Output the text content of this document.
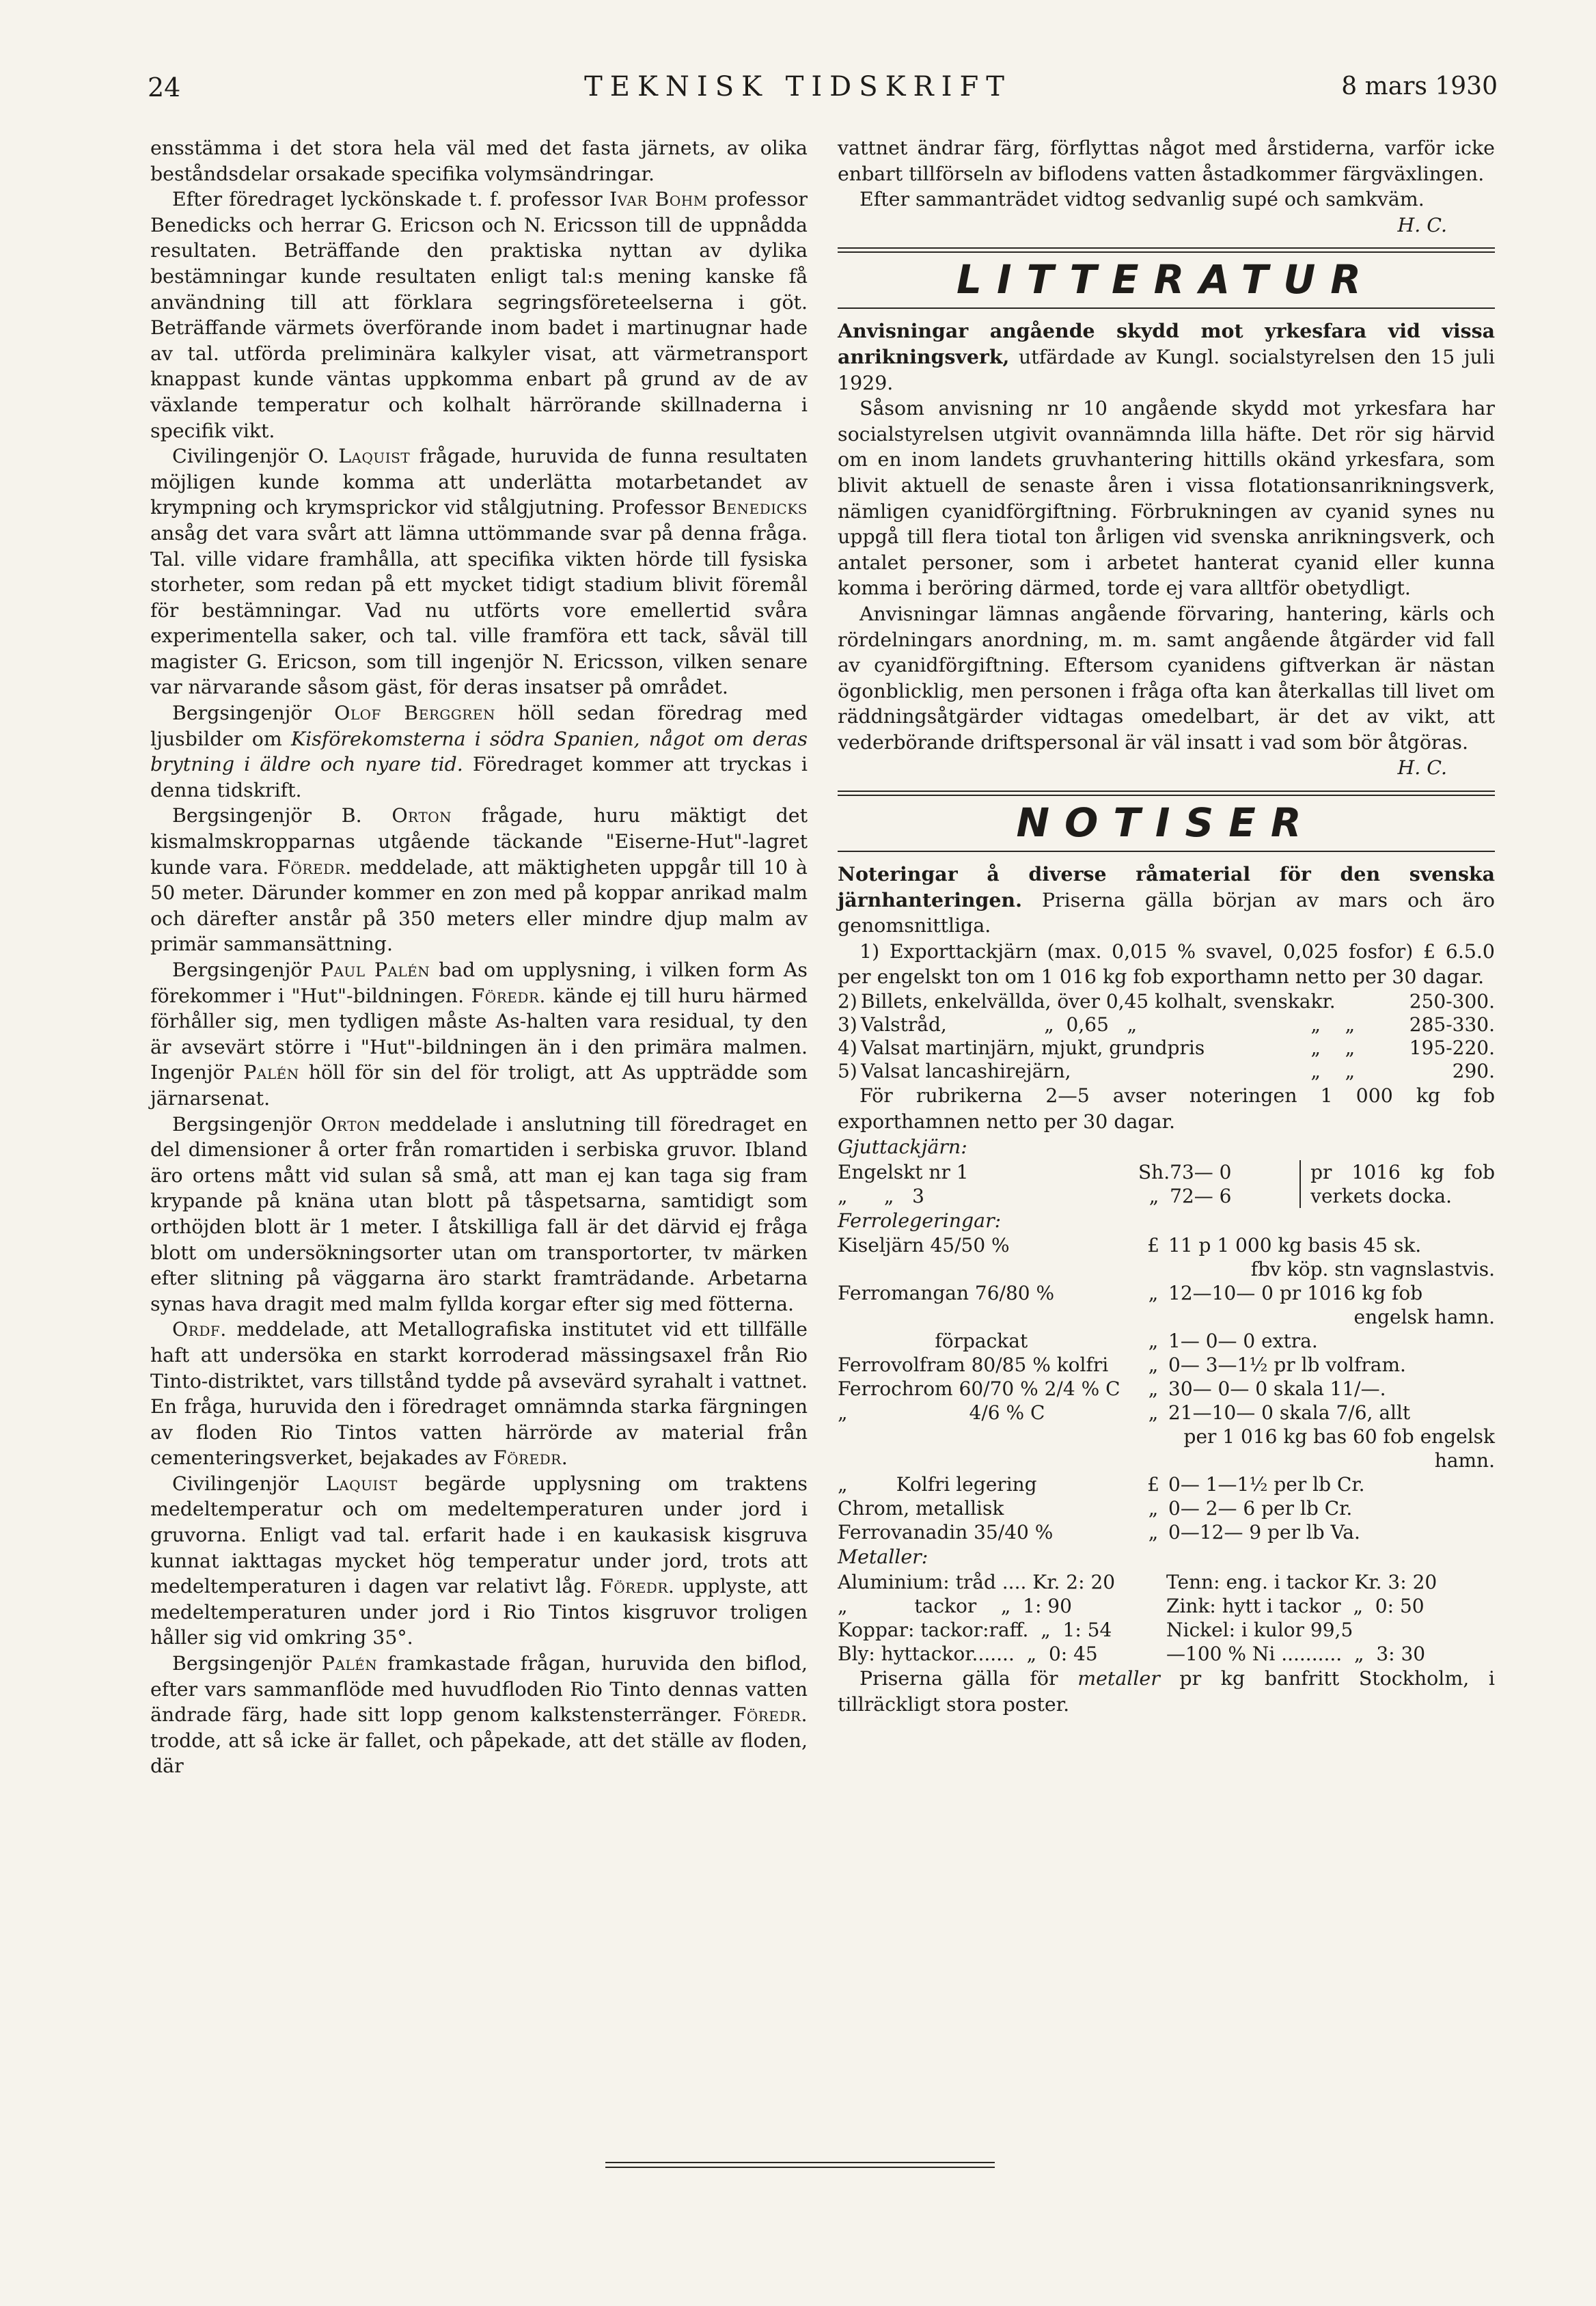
24	TEKNISK TIDSKRIFT	8 mars 1930

ensstämma i det stora hela väl med det fasta järnets, av olika beståndsdelar orsakade specifika volymsändringar.

Efter föredraget lyckönskade t. f. professor Ivar Bohm professor Benedicks och herrar G. Ericson och N. Ericsson till de uppnådda resultaten. Beträffande den praktiska nyttan av dylika bestämningar kunde resultaten enligt tal:s mening kanske få användning till att förklara segringsföreteelserna i göt. Beträffande värmets överförande inom badet i martinugnar hade av tal. utförda preliminära kalkyler visat, att värmetransport knappast kunde väntas uppkomma enbart på grund av de av växlande temperatur och kolhalt härrörande skillnaderna i specifik vikt.

Civilingenjör O. Laquist frågade, huruvida de funna resultaten möjligen kunde komma att underlätta motarbetandet av krympning och krymsprickor vid stålgjutning. Professor Benedicks ansåg det vara svårt att lämna uttömmande svar på denna fråga. Tal. ville vidare framhålla, att specifika vikten hörde till fysiska storheter, som redan på ett mycket tidigt stadium blivit föremål för bestämningar. Vad nu utförts vore emellertid svåra experimentella saker, och tal. ville framföra ett tack, såväl till magister G. Ericson, som till ingenjör N. Ericsson, vilken senare var närvarande såsom gäst, för deras insatser på området.

Bergsingenjör Olof Berggren höll sedan föredrag med ljusbilder om Kisförekomsterna i södra Spanien, något om deras brytning i äldre och nyare tid. Föredraget kommer att tryckas i denna tidskrift.

Bergsingenjör B. Orton frågade, huru mäktigt det kismalmskropparnas utgående täckande "Eiserne-Hut"-lagret kunde vara. Föredr. meddelade, att mäktigheten uppgår till 10 à 50 meter. Därunder kommer en zon med på koppar anrikad malm och därefter anstår på 350 meters eller mindre djup malm av primär sammansättning.

Bergsingenjör Paul Palén bad om upplysning, i vilken form As förekommer i "Hut"-bildningen. Föredr. kände ej till huru härmed förhåller sig, men tydligen måste As-halten vara residual, ty den är avsevärt större i "Hut"-bildningen än i den primära malmen. Ingenjör Palén höll för sin del för troligt, att As uppträdde som järnarsenat.

Bergsingenjör Orton meddelade i anslutning till föredraget en del dimensioner å orter från romartiden i serbiska gruvor. Ibland äro ortens mått vid sulan så små, att man ej kan taga sig fram krypande på knäna utan blott på tåspetsarna, samtidigt som orthöjden blott är 1 meter. I åtskilliga fall är det därvid ej fråga blott om undersökningsorter utan om transportorter, tv märken efter slitning på väggarna äro starkt framträdande. Arbetarna synas hava dragit med malm fyllda korgar efter sig med fötterna.

Ordf. meddelade, att Metallografiska institutet vid ett tillfälle haft att undersöka en starkt korroderad mässingsaxel från Rio Tinto-distriktet, vars tillstånd tydde på avsevärd syrahalt i vattnet. En fråga, huruvida den i föredraget omnämnda starka färgningen av floden Rio Tintos vatten härrörde av material från cementeringsverket, bejakades av Föredr.

Civilingenjör Laquist begärde upplysning om traktens medeltemperatur och om medeltemperaturen under jord i gruvorna. Enligt vad tal. erfarit hade i en kaukasisk kisgruva kunnat iakttagas mycket hög temperatur under jord, trots att medeltemperaturen i dagen var relativt låg. Föredr. upplyste, att medeltemperaturen under jord i Rio Tintos kisgruvor troligen håller sig vid omkring 35°.

Bergsingenjör Palén framkastade frågan, huruvida den biflod, efter vars sammanflöde med huvudfloden Rio Tinto dennas vatten ändrade färg, hade sitt lopp genom kalkstensterränger. Föredr. trodde, att så icke är fallet, och påpekade, att det ställe av floden, där

vattnet ändrar färg, förflyttas något med årstiderna, varför icke enbart tillförseln av biflodens vatten åstadkommer färgväxlingen.

Efter sammanträdet vidtog sedvanlig supé och samkväm.

H. C.

LITTERATUR

Anvisningar angående skydd mot yrkesfara vid vissa anrikningsverk, utfärdade av Kungl. socialstyrelsen den 15 juli 1929.

Såsom anvisning nr 10 angående skydd mot yrkesfara har socialstyrelsen utgivit ovannämnda lilla häfte. Det rör sig härvid om en inom landets gruvhantering hittills okänd yrkesfara, som blivit aktuell de senaste åren i vissa flotationsanrikningsverk, nämligen cyanidförgiftning. Förbrukningen av cyanid synes nu uppgå till flera tiotal ton årligen vid svenska anrikningsverk, och antalet personer, som i arbetet hanterat cyanid eller kunna komma i beröring därmed, torde ej vara alltför obetydligt.

Anvisningar lämnas angående förvaring, hantering, kärls och rördelningars anordning, m. m. samt angående åtgärder vid fall av cyanidförgiftning. Eftersom cyanidens giftverkan är nästan ögonblicklig, men personen i fråga ofta kan återkallas till livet om räddningsåtgärder vidtagas omedelbart, är det av vikt, att vederbörande driftspersonal är väl insatt i vad som bör åtgöras.

H. C.

NOTISER

Noteringar å diverse råmaterial för den svenska järnhanteringen. Priserna gälla början av mars och äro genomsnittliga.

1) Exporttackjärn (max. 0,015 % svavel, 0,025 fosfor) £ 6.5.0 per engelskt ton om 1 016 kg fob exporthamn netto per 30 dagar.

2)	Billets, enkelvällda, över 0,45 kolhalt, svenska	kr.	250-300.
3)	Valstråd,                „  0,65   „	„    „	285-330.
4)	Valsat martinjärn, mjukt, grundpris	„    „	195-220.
5)	Valsat lancashirejärn,	„    „	290.

För rubrikerna 2—5 avser noteringen 1 000 kg fob exporthamnen netto per 30 dagar.

Gjuttackjärn:

Engelskt nr 1	Sh.	73— 0	pr 1016 kg fob verkets docka.
„      „   3	„	72— 6	

Ferrolegeringar:

Kiseljärn 45/50 %	£	11 p 1 000 kg basis 45 sk.
		fbv köp. stn vagnslastvis.
Ferromangan 76/80 %	„	12—10— 0 pr 1016 kg fob
		engelsk hamn.
förpackat	„	1— 0— 0 extra.
Ferrovolfram 80/85 % kolfri	„	0— 3—1½ pr lb volfram.
Ferrochrom 60/70 % 2/4 % C	„	30— 0— 0 skala 11/—.
„                    4/6 % C	„	21—10— 0 skala 7/6, allt
		per 1 016 kg bas 60 fob engelsk hamn.
„        Kolfri legering	£	0— 1—1½ per lb Cr.
Chrom, metallisk	„	0— 2— 6 per lb Cr.
Ferrovanadin 35/40 %	„	0—12— 9 per lb Va.

Metaller:

Aluminium: tråd .... Kr. 2: 20	Tenn: eng. i tackor Kr. 3: 20
„           tackor    „  1: 90	Zink: hytt i tackor  „  0: 50
Koppar: tackor:raff.  „  1: 54	Nickel: i kulor 99,5
Bly: hyttackor.......  „  0: 45	—100 % Ni ..........  „  3: 30

Priserna gälla för metaller pr kg banfritt Stockholm, i tillräckligt stora poster.
